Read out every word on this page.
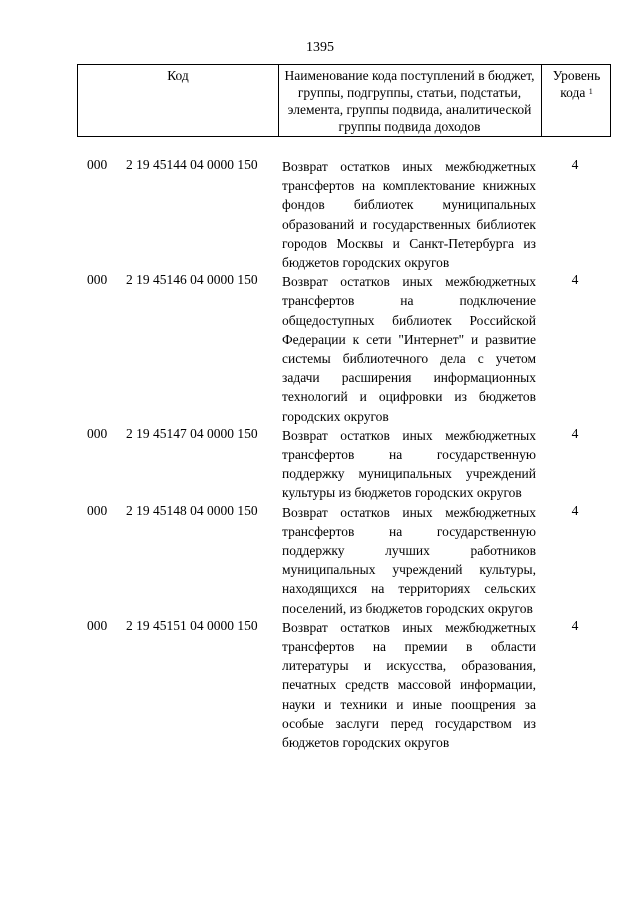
1395
Код	Наименование кода поступлений в бюджет, группы, подгруппы, статьи, подстатьи, элемента, группы подвида, аналитической группы подвида доходов
Уровень
кода $^1$
000 2 19 45144 04 0000 150 Возврат остатков иных межбюджетных трансфертов на комплектование книжных фондов библиотек муниципальных образований и государственных библиотек городов Москвы и Санкт-Петербурга из бюджетов городских округов
4
000 2 19 45146 04 0000 150 Возврат остатков иных межбюджетных трансфертов на подключение общедоступных библиотек Российской Федерации к сети "Интернет" и развитие системы библиотечного дела с учетом задачи расширения информационных технологий и оцифровки из бюджетов городских округов
4
000 2 19 45147 04 0000 150 Возврат остатков иных межбюджетных трансфертов на государственную поддержку муниципальных учреждений культуры из бюджетов городских округов
4
000 2 19 45148 04 0000 150 Возврат остатков иных межбюджетных трансфертов на государственную поддержку лучших работников муниципальных учреждений культуры, находящихся на территориях сельских поселений, из бюджетов городских округов
4
000 2 19 45151 04 0000 150 Возврат остатков иных межбюджетных трансфертов на премии в области литературы и искусства, образования, печатных средств массовой информации, науки и техники и иные поощрения за особые заслуги перед государством из бюджетов городских округов
4
